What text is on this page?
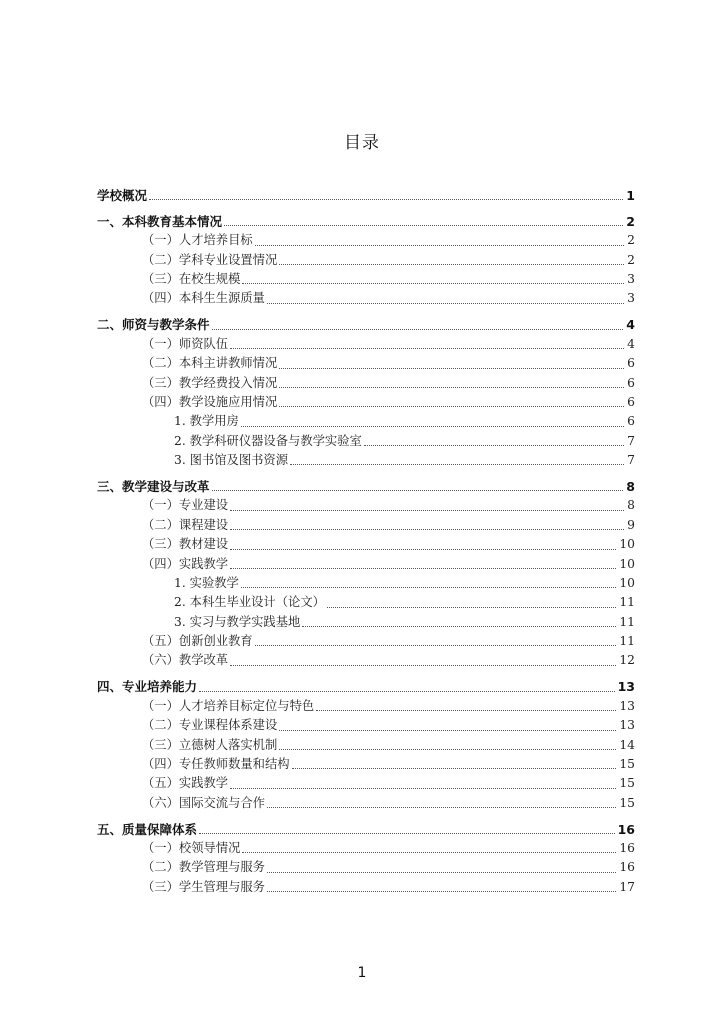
目录
学校概况	1
一、本科教育基本情况	2
（一）人才培养目标	2
（二）学科专业设置情况	2
（三）在校生规模	3
（四）本科生生源质量	3
二、师资与教学条件	4
（一）师资队伍	4
（二）本科主讲教师情况	6
（三）教学经费投入情况	6
（四）教学设施应用情况	6
1. 教学用房	6
2. 教学科研仪器设备与教学实验室	7
3. 图书馆及图书资源	7
三、教学建设与改革	8
（一）专业建设	8
（二）课程建设	9
（三）教材建设	10
（四）实践教学	10
1. 实验教学	10
2. 本科生毕业设计（论文）	11
3. 实习与教学实践基地	11
（五）创新创业教育	11
（六）教学改革	12
四、专业培养能力	13
（一）人才培养目标定位与特色	13
（二）专业课程体系建设	13
（三）立德树人落实机制	14
（四）专任教师数量和结构	15
（五）实践教学	15
（六）国际交流与合作	15
五、质量保障体系	16
（一）校领导情况	16
（二）教学管理与服务	16
（三）学生管理与服务	17
1
